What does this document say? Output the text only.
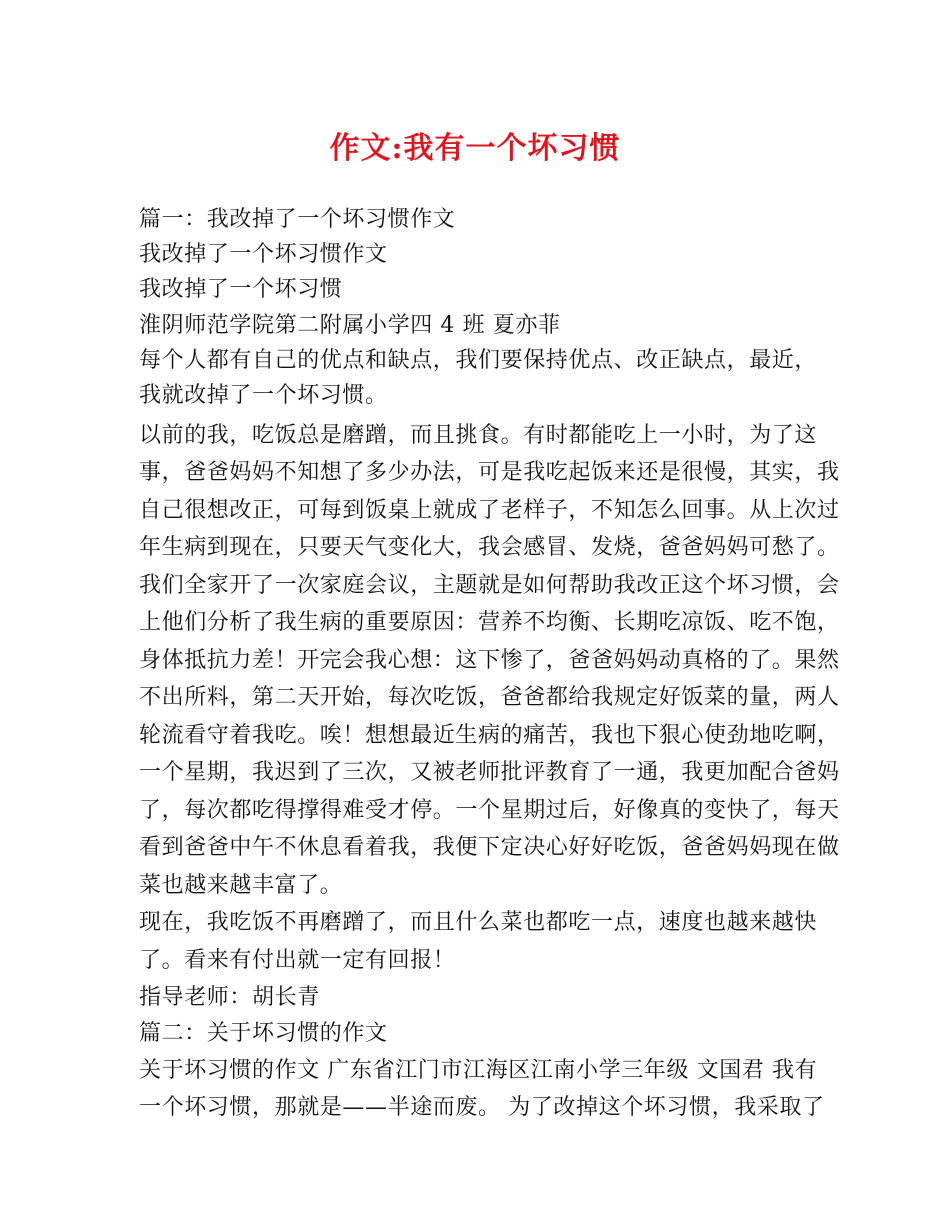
作文:我有一个坏习惯
篇一：我改掉了一个坏习惯作文
我改掉了一个坏习惯作文
我改掉了一个坏习惯
淮阴师范学院第二附属小学四 4 班 夏亦菲
每个人都有自己的优点和缺点，我们要保持优点、改正缺点，最近，
我就改掉了一个坏习惯。
以前的我，吃饭总是磨蹭，而且挑食。有时都能吃上一小时，为了这
事，爸爸妈妈不知想了多少办法，可是我吃起饭来还是很慢，其实，我
自己很想改正，可每到饭桌上就成了老样子，不知怎么回事。从上次过
年生病到现在，只要天气变化大，我会感冒、发烧，爸爸妈妈可愁了。
我们全家开了一次家庭会议，主题就是如何帮助我改正这个坏习惯，会
上他们分析了我生病的重要原因：营养不均衡、长期吃凉饭、吃不饱，
身体抵抗力差！开完会我心想：这下惨了，爸爸妈妈动真格的了。果然
不出所料，第二天开始，每次吃饭，爸爸都给我规定好饭菜的量，两人
轮流看守着我吃。唉！想想最近生病的痛苦，我也下狠心使劲地吃啊，
一个星期，我迟到了三次，又被老师批评教育了一通，我更加配合爸妈
了，每次都吃得撑得难受才停。一个星期过后，好像真的变快了，每天
看到爸爸中午不休息看着我，我便下定决心好好吃饭，爸爸妈妈现在做
菜也越来越丰富了。
现在，我吃饭不再磨蹭了，而且什么菜也都吃一点，速度也越来越快
了。看来有付出就一定有回报！
指导老师：胡长青
篇二：关于坏习惯的作文
关于坏习惯的作文 广东省江门市江海区江南小学三年级 文国君 我有
一个坏习惯，那就是——半途而废。 为了改掉这个坏习惯，我采取了
